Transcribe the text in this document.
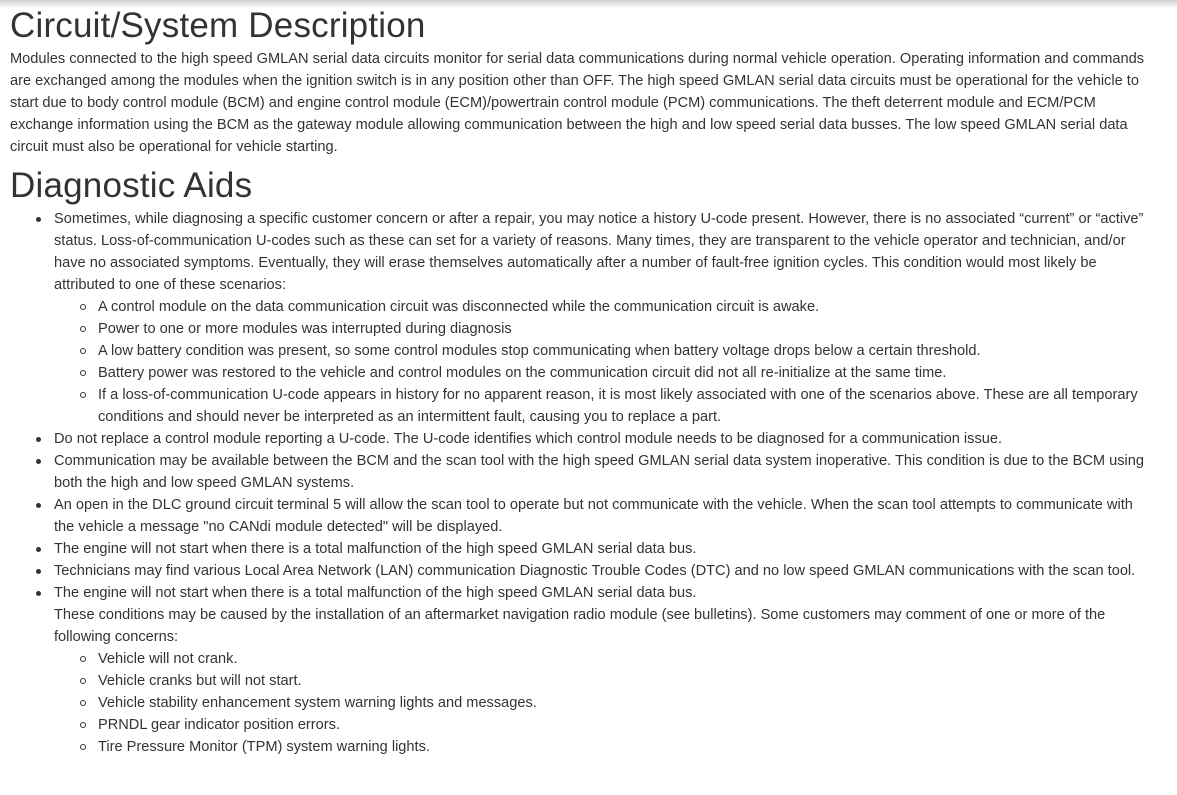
Circuit/System Description

Modules connected to the high speed GMLAN serial data circuits monitor for serial data communications during normal vehicle operation. Operating information and commands are exchanged among the modules when the ignition switch is in any position other than OFF. The high speed GMLAN serial data circuits must be operational for the vehicle to start due to body control module (BCM) and engine control module (ECM)/powertrain control module (PCM) communications. The theft deterrent module and ECM/PCM exchange information using the BCM as the gateway module allowing communication between the high and low speed serial data busses. The low speed GMLAN serial data circuit must also be operational for vehicle starting.

Diagnostic Aids
Sometimes, while diagnosing a specific customer concern or after a repair, you may notice a history U-code present. However, there is no associated “current” or “active” status. Loss-of-communication U-codes such as these can set for a variety of reasons. Many times, they are transparent to the vehicle operator and technician, and/or have no associated symptoms. Eventually, they will erase themselves automatically after a number of fault-free ignition cycles. This condition would most likely be attributed to one of these scenarios:
A control module on the data communication circuit was disconnected while the communication circuit is awake.
Power to one or more modules was interrupted during diagnosis
A low battery condition was present, so some control modules stop communicating when battery voltage drops below a certain threshold.
Battery power was restored to the vehicle and control modules on the communication circuit did not all re-initialize at the same time.
If a loss-of-communication U-code appears in history for no apparent reason, it is most likely associated with one of the scenarios above. These are all temporary conditions and should never be interpreted as an intermittent fault, causing you to replace a part.
Do not replace a control module reporting a U-code. The U-code identifies which control module needs to be diagnosed for a communication issue.
Communication may be available between the BCM and the scan tool with the high speed GMLAN serial data system inoperative. This condition is due to the BCM using both the high and low speed GMLAN systems.
An open in the DLC ground circuit terminal 5 will allow the scan tool to operate but not communicate with the vehicle. When the scan tool attempts to communicate with the vehicle a message "no CANdi module detected" will be displayed.
The engine will not start when there is a total malfunction of the high speed GMLAN serial data bus.
Technicians may find various Local Area Network (LAN) communication Diagnostic Trouble Codes (DTC) and no low speed GMLAN communications with the scan tool.
The engine will not start when there is a total malfunction of the high speed GMLAN serial data bus.
These conditions may be caused by the installation of an aftermarket navigation radio module (see bulletins). Some customers may comment of one or more of the following concerns:
Vehicle will not crank.
Vehicle cranks but will not start.
Vehicle stability enhancement system warning lights and messages.
PRNDL gear indicator position errors.
Tire Pressure Monitor (TPM) system warning lights.
